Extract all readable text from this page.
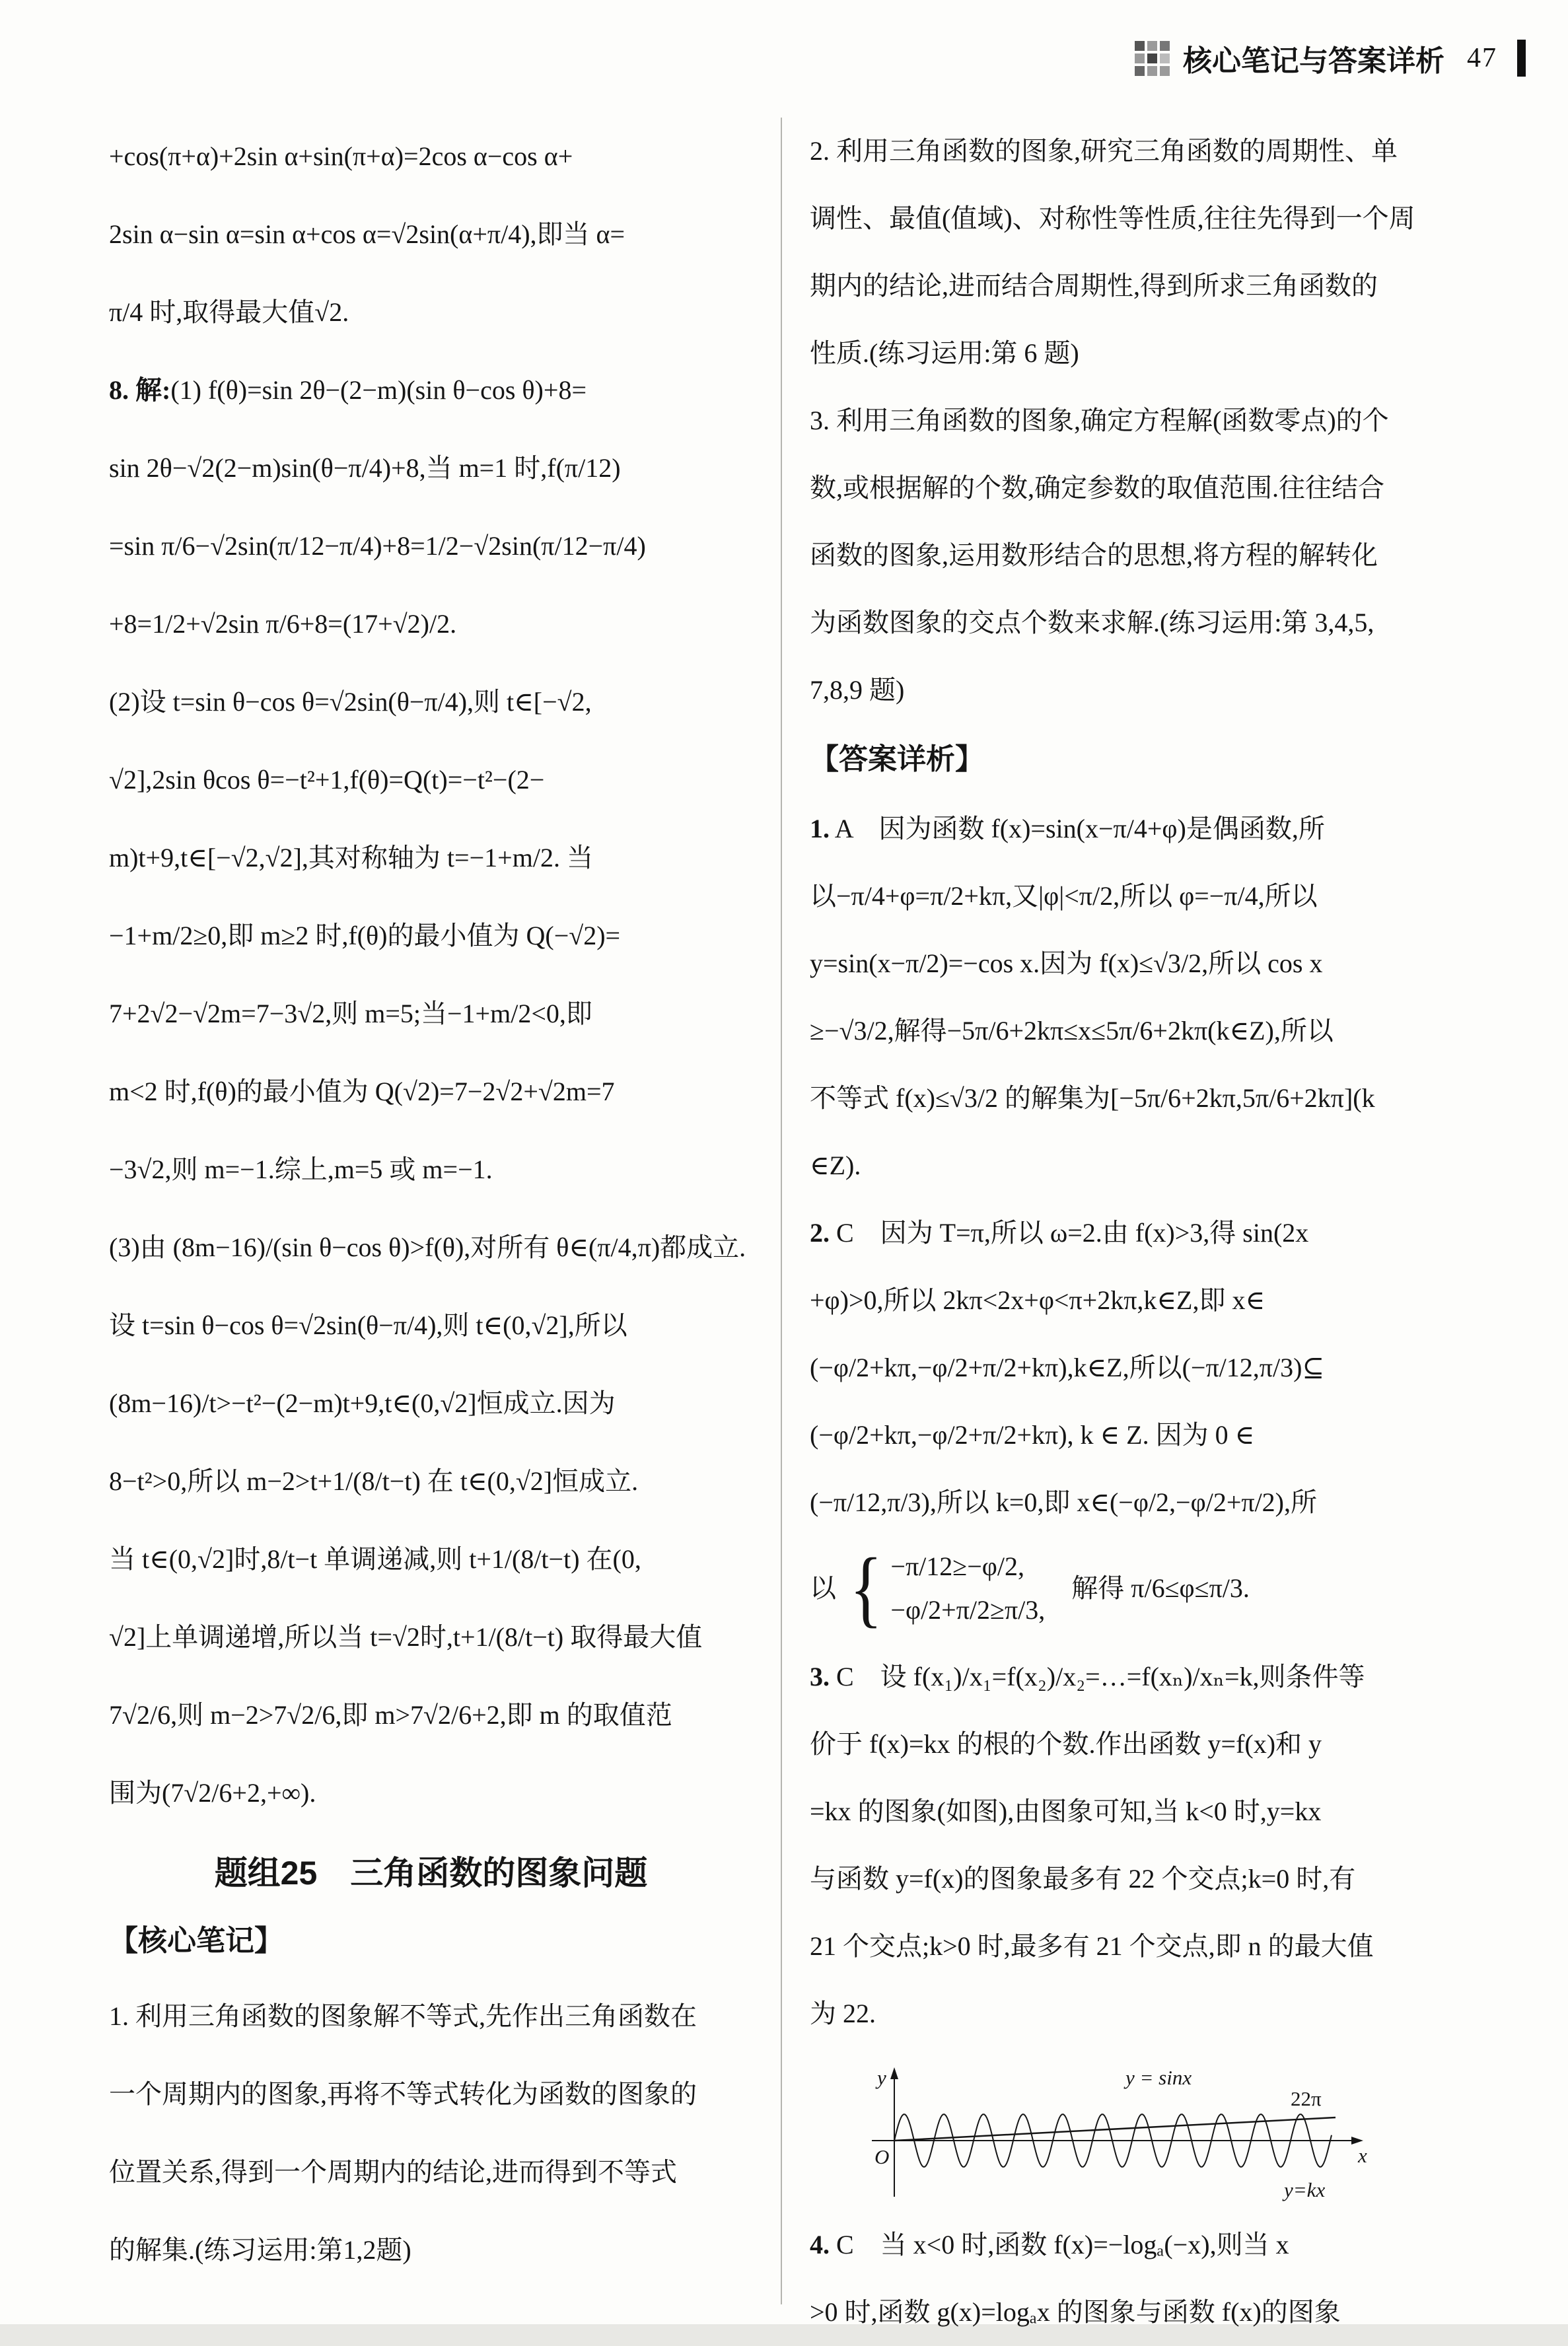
核心笔记与答案详析 47
+cos(π+α)+2sin α+sin(π+α)=2cos α−cos α+
2sin α−sin α=sin α+cos α=√2sin(α+π/4),即当 α=
π/4 时,取得最大值√2.
8. 解:(1) f(θ)=sin 2θ−(2−m)(sin θ−cos θ)+8=
sin 2θ−√2(2−m)sin(θ−π/4)+8,当 m=1 时,f(π/12)
=sin π/6−√2sin(π/12−π/4)+8=1/2−√2sin(π/12−π/4)
+8=1/2+√2sin π/6+8=(17+√2)/2.
(2)设 t=sin θ−cos θ=√2sin(θ−π/4),则 t∈[−√2,
√2],2sin θcos θ=−t²+1,f(θ)=Q(t)=−t²−(2−
m)t+9,t∈[−√2,√2],其对称轴为 t=−1+m/2. 当
−1+m/2≥0,即 m≥2 时,f(θ)的最小值为 Q(−√2)=
7+2√2−√2m=7−3√2,则 m=5;当−1+m/2<0,即
m<2 时,f(θ)的最小值为 Q(√2)=7−2√2+√2m=7
−3√2,则 m=−1.综上,m=5 或 m=−1.
(3)由 (8m−16)/(sin θ−cos θ)>f(θ),对所有 θ∈(π/4,π)都成立.
设 t=sin θ−cos θ=√2sin(θ−π/4),则 t∈(0,√2],所以
(8m−16)/t>−t²−(2−m)t+9,t∈(0,√2]恒成立.因为
8−t²>0,所以 m−2>t+1/(8/t−t) 在 t∈(0,√2]恒成立.
当 t∈(0,√2]时,8/t−t 单调递减,则 t+1/(8/t−t) 在(0,
√2]上单调递增,所以当 t=√2时,t+1/(8/t−t) 取得最大值
7√2/6,则 m−2>7√2/6,即 m>7√2/6+2,即 m 的取值范
围为(7√2/6+2,+∞).
题组25　三角函数的图象问题
【核心笔记】
1. 利用三角函数的图象解不等式,先作出三角函数在
一个周期内的图象,再将不等式转化为函数的图象的
位置关系,得到一个周期内的结论,进而得到不等式
的解集.(练习运用:第1,2题)
2. 利用三角函数的图象,研究三角函数的周期性、单
调性、最值(值域)、对称性等性质,往往先得到一个周
期内的结论,进而结合周期性,得到所求三角函数的
性质.(练习运用:第 6 题)
3. 利用三角函数的图象,确定方程解(函数零点)的个
数,或根据解的个数,确定参数的取值范围.往往结合
函数的图象,运用数形结合的思想,将方程的解转化
为函数图象的交点个数来求解.(练习运用:第 3,4,5,
7,8,9 题)
【答案详析】
1. A　因为函数 f(x)=sin(x−π/4+φ)是偶函数,所
以−π/4+φ=π/2+kπ,又|φ|<π/2,所以 φ=−π/4,所以
y=sin(x−π/2)=−cos x.因为 f(x)≤√3/2,所以 cos x
≥−√3/2,解得−5π/6+2kπ≤x≤5π/6+2kπ(k∈Z),所以
不等式 f(x)≤√3/2 的解集为[−5π/6+2kπ,5π/6+2kπ](k
∈Z).
2. C　因为 T=π,所以 ω=2.由 f(x)>3,得 sin(2x
+φ)>0,所以 2kπ<2x+φ<π+2kπ,k∈Z,即 x∈
(−φ/2+kπ,−φ/2+π/2+kπ),k∈Z,所以(−π/12,π/3)⊆
(−φ/2+kπ,−φ/2+π/2+kπ), k ∈ Z. 因为 0 ∈
(−π/12,π/3),所以 k=0,即 x∈(−φ/2,−φ/2+π/2),所
以 { −π/12≥−φ/2,
−φ/2+π/2≥π/3,
解得 π/6≤φ≤π/3.
3. C　设 f(x₁)/x₁=f(x₂)/x₂=…=f(xₙ)/xₙ=k,则条件等
价于 f(x)=kx 的根的个数.作出函数 y=f(x)和 y
=kx 的图象(如图),由图象可知,当 k<0 时,y=kx
与函数 y=f(x)的图象最多有 22 个交点;k=0 时,有
21 个交点;k>0 时,最多有 21 个交点,即 n 的最大值
为 22.
y
O
y = sinx
22π
x
y=kx
4. C　当 x<0 时,函数 f(x)=−logₐ(−x),则当 x
>0 时,函数 g(x)=logₐx 的图象与函数 f(x)的图象
